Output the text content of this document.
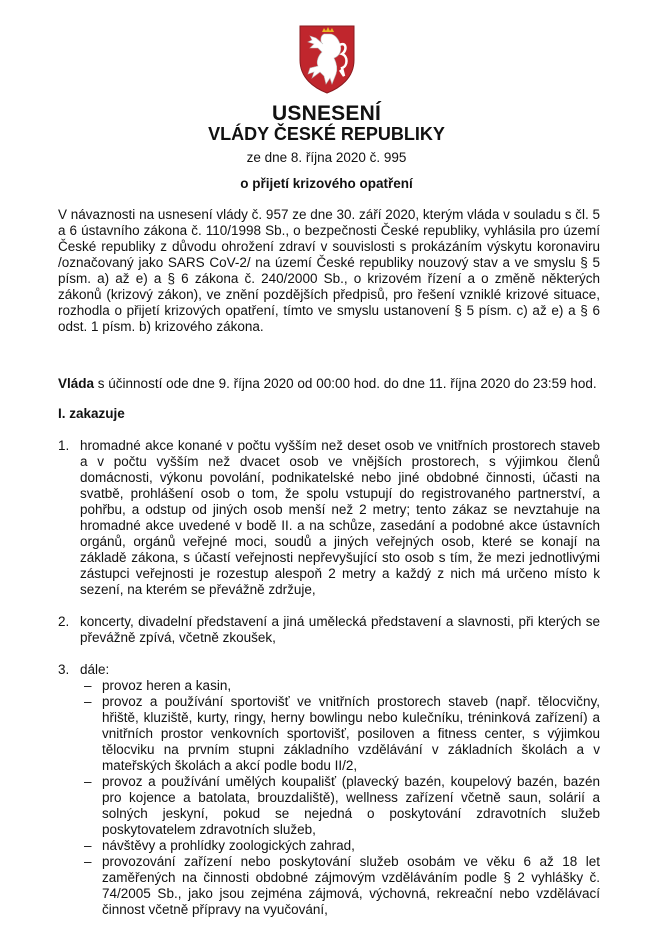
USNESENÍ
VLÁDY ČESKÉ REPUBLIKY
ze dne 8. října 2020 č. 995
o přijetí krizového opatření
V návaznosti na usnesení vlády č. 957 ze dne 30. září 2020, kterým vláda v souladu s čl. 5 a 6 ústavního zákona č. 110/1998 Sb., o bezpečnosti České republiky, vyhlásila pro území České republiky z důvodu ohrožení zdraví v souvislosti s prokázáním výskytu koronaviru /označovaný jako SARS CoV-2/ na území České republiky nouzový stav a ve smyslu § 5 písm. a) až e) a § 6 zákona č. 240/2000 Sb., o krizovém řízení a o změně některých zákonů (krizový zákon), ve znění pozdějších předpisů, pro řešení vzniklé krizové situace, rozhodla o přijetí krizových opatření, tímto ve smyslu ustanovení § 5 písm. c) až e) a § 6 odst. 1 písm. b) krizového zákona.
Vláda s účinností ode dne 9. října 2020 od 00:00 hod. do dne 11. října 2020 do 23:59 hod.
I. zakazuje
1. hromadné akce konané v počtu vyšším než deset osob ve vnitřních prostorech staveb a v počtu vyšším než dvacet osob ve vnějších prostorech, s výjimkou členů domácnosti, výkonu povolání, podnikatelské nebo jiné obdobné činnosti, účasti na svatbě, prohlášení osob o tom, že spolu vstupují do registrovaného partnerství, a pohřbu, a odstup od jiných osob menší než 2 metry; tento zákaz se nevztahuje na hromadné akce uvedené v bodě II. a na schůze, zasedání a podobné akce ústavních orgánů, orgánů veřejné moci, soudů a jiných veřejných osob, které se konají na základě zákona, s účastí veřejnosti nepřevyšující sto osob s tím, že mezi jednotlivými zástupci veřejnosti je rozestup alespoň 2 metry a každý z nich má určeno místo k sezení, na kterém se převážně zdržuje,
2. koncerty, divadelní představení a jiná umělecká představení a slavnosti, při kterých se převážně zpívá, včetně zkoušek,
3. dále:
– provoz heren a kasin,
– provoz a používání sportovišť ve vnitřních prostorech staveb (např. tělocvičny, hřiště, kluziště, kurty, ringy, herny bowlingu nebo kulečníku, tréninková zařízení) a vnitřních prostor venkovních sportovišť, posiloven a fitness center, s výjimkou tělocviku na prvním stupni základního vzdělávání v základních školách a v mateřských školách a akcí podle bodu II/2,
– provoz a používání umělých koupališť (plavecký bazén, koupelový bazén, bazén pro kojence a batolata, brouzdaliště), wellness zařízení včetně saun, solárií a solných jeskyní, pokud se nejedná o poskytování zdravotních služeb poskytovatelem zdravotních služeb,
– návštěvy a prohlídky zoologických zahrad,
– provozování zařízení nebo poskytování služeb osobám ve věku 6 až 18 let zaměřených na činnosti obdobné zájmovým vzděláváním podle § 2 vyhlášky č. 74/2005 Sb., jako jsou zejména zájmová, výchovná, rekreační nebo vzdělávací činnost včetně přípravy na vyučování,
